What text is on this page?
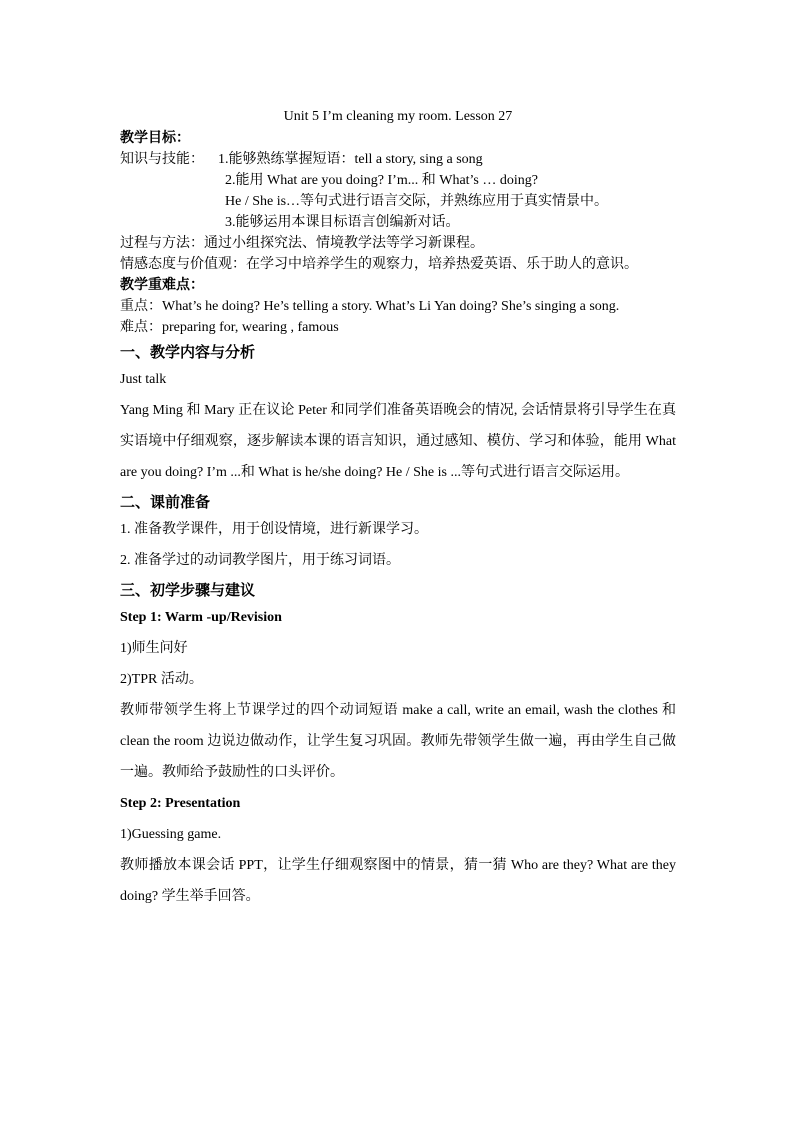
Unit 5 I’m cleaning my room. Lesson 27
教学目标：
知识与技能： 1.能够熟练掌握短语：tell a story, sing a song
2.能用 What are you doing? I’m... 和 What’s … doing?
He / She is…等句式进行语言交际，并熟练应用于真实情景中。
3.能够运用本课目标语言创编新对话。
过程与方法：通过小组探究法、情境教学法等学习新课程。
情感态度与价值观：在学习中培养学生的观察力，培养热爱英语、乐于助人的意识。
教学重难点：
重点：What’s he doing? He’s telling a story. What’s Li Yan doing? She’s singing a song.
难点：preparing for, wearing , famous
一、教学内容与分析
Just talk
Yang Ming 和 Mary 正在议论 Peter 和同学们准备英语晚会的情况, 会话情景将引导学生在真实语境中仔细观察，逐步解读本课的语言知识，通过感知、模仿、学习和体验，能用 What are you doing? I’m ...和 What is he/she doing? He / She is ...等句式进行语言交际运用。
二、课前准备
1. 准备教学课件，用于创设情境，进行新课学习。
2. 准备学过的动词教学图片，用于练习词语。
三、初学步骤与建议
Step 1: Warm -up/Revision
1)师生问好
2)TPR 活动。
教师带领学生将上节课学过的四个动词短语 make a call, write an email, wash the clothes 和 clean the room 边说边做动作，让学生复习巩固。教师先带领学生做一遍，再由学生自己做一遍。教师给予鼓励性的口头评价。
Step 2: Presentation
1)Guessing game.
教师播放本课会话 PPT，让学生仔细观察图中的情景，猜一猜 Who are they? What are they doing? 学生举手回答。
